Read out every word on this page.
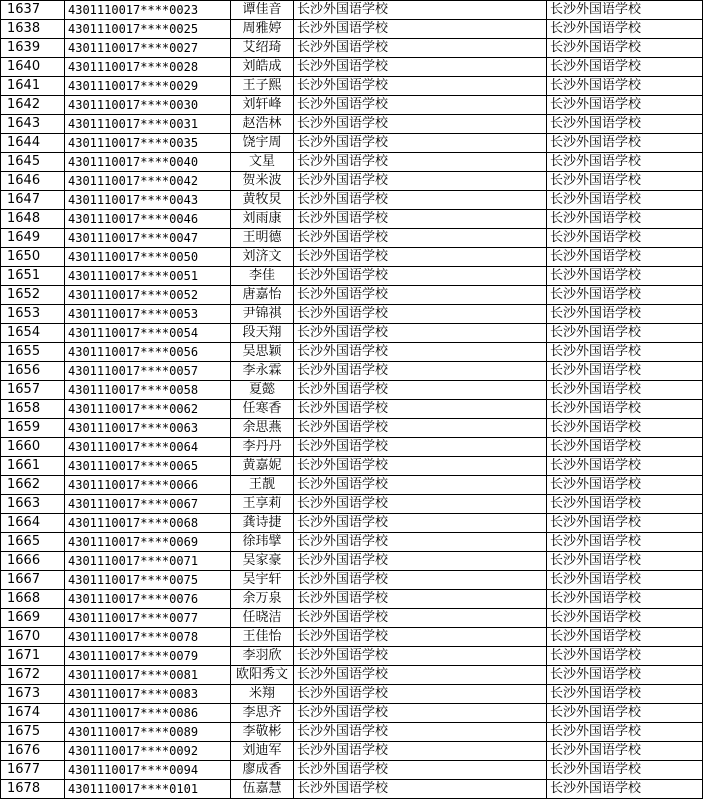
1637	4301110017****0023	谭佳音	长沙外国语学校	长沙外国语学校
1638	4301110017****0025	周雅婷	长沙外国语学校	长沙外国语学校
1639	4301110017****0027	艾绍琦	长沙外国语学校	长沙外国语学校
1640	4301110017****0028	刘皓成	长沙外国语学校	长沙外国语学校
1641	4301110017****0029	王子熙	长沙外国语学校	长沙外国语学校
1642	4301110017****0030	刘轩峰	长沙外国语学校	长沙外国语学校
1643	4301110017****0031	赵浩林	长沙外国语学校	长沙外国语学校
1644	4301110017****0035	饶宇周	长沙外国语学校	长沙外国语学校
1645	4301110017****0040	文星	长沙外国语学校	长沙外国语学校
1646	4301110017****0042	贺米波	长沙外国语学校	长沙外国语学校
1647	4301110017****0043	黄牧炅	长沙外国语学校	长沙外国语学校
1648	4301110017****0046	刘雨康	长沙外国语学校	长沙外国语学校
1649	4301110017****0047	王明德	长沙外国语学校	长沙外国语学校
1650	4301110017****0050	刘济文	长沙外国语学校	长沙外国语学校
1651	4301110017****0051	李佳	长沙外国语学校	长沙外国语学校
1652	4301110017****0052	唐嘉怡	长沙外国语学校	长沙外国语学校
1653	4301110017****0053	尹锦祺	长沙外国语学校	长沙外国语学校
1654	4301110017****0054	段天翔	长沙外国语学校	长沙外国语学校
1655	4301110017****0056	吴思颖	长沙外国语学校	长沙外国语学校
1656	4301110017****0057	李永霖	长沙外国语学校	长沙外国语学校
1657	4301110017****0058	夏懿	长沙外国语学校	长沙外国语学校
1658	4301110017****0062	任寒香	长沙外国语学校	长沙外国语学校
1659	4301110017****0063	余思燕	长沙外国语学校	长沙外国语学校
1660	4301110017****0064	李丹丹	长沙外国语学校	长沙外国语学校
1661	4301110017****0065	黄嘉妮	长沙外国语学校	长沙外国语学校
1662	4301110017****0066	王靓	长沙外国语学校	长沙外国语学校
1663	4301110017****0067	王享莉	长沙外国语学校	长沙外国语学校
1664	4301110017****0068	龚诗捷	长沙外国语学校	长沙外国语学校
1665	4301110017****0069	徐玮擘	长沙外国语学校	长沙外国语学校
1666	4301110017****0071	吴家豪	长沙外国语学校	长沙外国语学校
1667	4301110017****0075	吴宇轩	长沙外国语学校	长沙外国语学校
1668	4301110017****0076	余万泉	长沙外国语学校	长沙外国语学校
1669	4301110017****0077	任晓洁	长沙外国语学校	长沙外国语学校
1670	4301110017****0078	王佳怡	长沙外国语学校	长沙外国语学校
1671	4301110017****0079	李羽欣	长沙外国语学校	长沙外国语学校
1672	4301110017****0081	欧阳秀文	长沙外国语学校	长沙外国语学校
1673	4301110017****0083	米翔	长沙外国语学校	长沙外国语学校
1674	4301110017****0086	李思齐	长沙外国语学校	长沙外国语学校
1675	4301110017****0089	李敬彬	长沙外国语学校	长沙外国语学校
1676	4301110017****0092	刘迪军	长沙外国语学校	长沙外国语学校
1677	4301110017****0094	廖成香	长沙外国语学校	长沙外国语学校
1678	4301110017****0101	伍嘉慧	长沙外国语学校	长沙外国语学校
